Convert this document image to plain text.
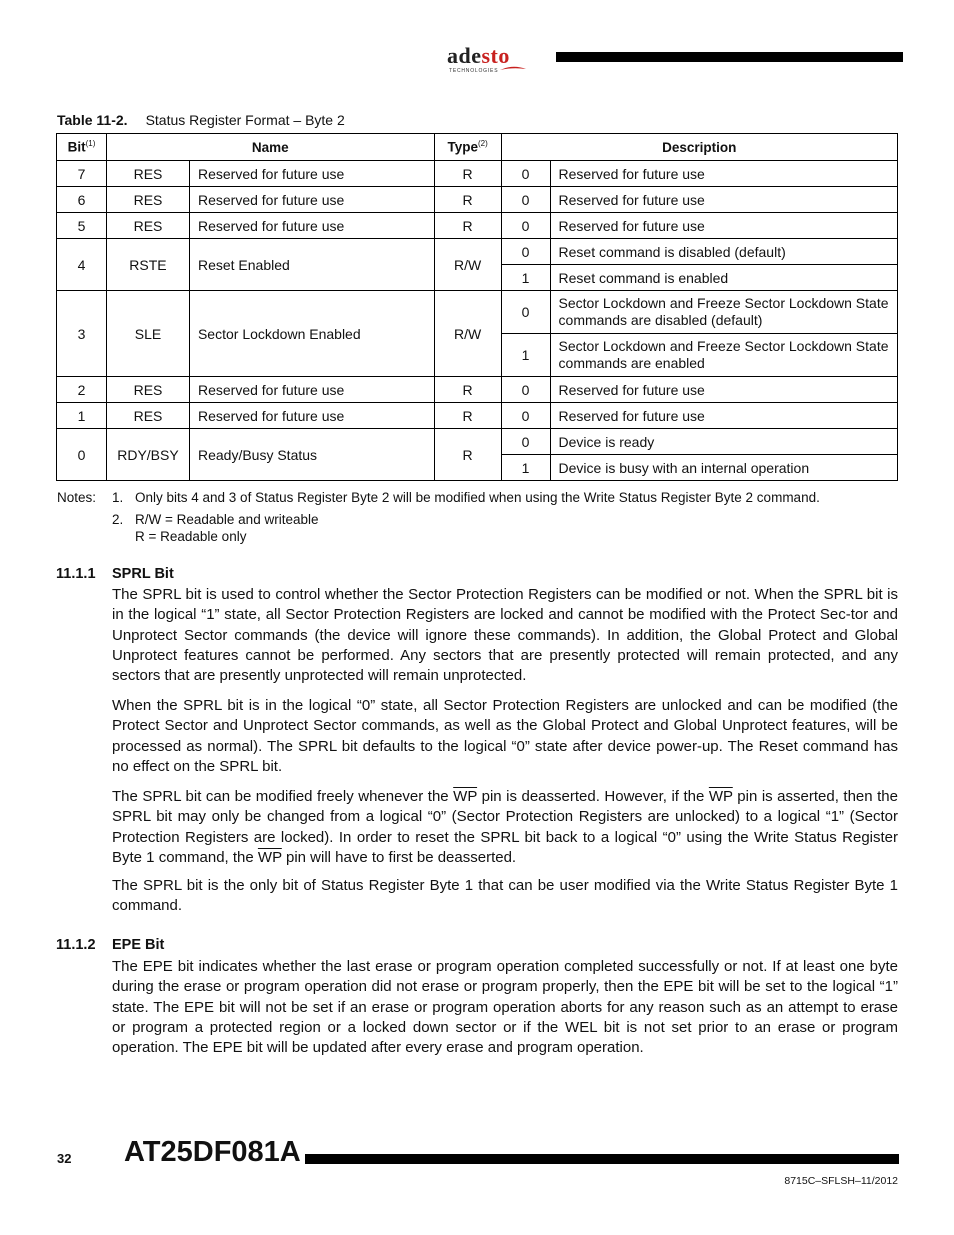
adesto
TECHNOLOGIES
Table 11-2. Status Register Format – Byte 2
Bit$^{(1)}$	Name		Type$^{(2)}$	Description	
7	RES	Reserved for future use	R	0	Reserved for future use
6	RES	Reserved for future use	R	0	Reserved for future use
5	RES	Reserved for future use	R	0	Reserved for future use
4	RSTE	Reset Enabled	R/W	0	Reset command is disabled (default)
				1	Reset command is enabled
3	SLE	Sector Lockdown Enabled	R/W	0	Sector Lockdown and Freeze Sector Lockdown State commands are disabled (default)
				1	Sector Lockdown and Freeze Sector Lockdown State commands are enabled
2	RES	Reserved for future use	R	0	Reserved for future use
1	RES	Reserved for future use	R	0	Reserved for future use
0	RDY/BSY	Ready/Busy Status	R	0	Device is ready
				1	Device is busy with an internal operation
Notes:	1. Only bits 4 and 3 of Status Register Byte 2 will be modified when using the Write Status Register Byte 2 command.
2. R/W = Readable and writeable
R = Readable only
11.1.1 SPRL Bit
The SPRL bit is used to control whether the Sector Protection Registers can be modified or not. When the SPRL bit is in the logical “1” state, all Sector Protection Registers are locked and cannot be modified with the Protect Sec-tor and Unprotect Sector commands (the device will ignore these commands). In addition, the Global Protect and Global Unprotect features cannot be performed. Any sectors that are presently protected will remain protected, and any sectors that are presently unprotected will remain unprotected.
When the SPRL bit is in the logical “0” state, all Sector Protection Registers are unlocked and can be modified (the Protect Sector and Unprotect Sector commands, as well as the Global Protect and Global Unprotect features, will be processed as normal). The SPRL bit defaults to the logical “0” state after device power-up. The Reset command has no effect on the SPRL bit.
The SPRL bit can be modified freely whenever the $\overline{WP}$ pin is deasserted. However, if the $\overline{WP}$ pin is asserted, then the SPRL bit may only be changed from a logical “0” (Sector Protection Registers are unlocked) to a logical “1” (Sector Protection Registers are locked). In order to reset the SPRL bit back to a logical “0” using the Write Status Register Byte 1 command, the $\overline{WP}$ pin will have to first be deasserted.
The SPRL bit is the only bit of Status Register Byte 1 that can be user modified via the Write Status Register Byte 1 command.
11.1.2 EPE Bit
The EPE bit indicates whether the last erase or program operation completed successfully or not. If at least one byte during the erase or program operation did not erase or program properly, then the EPE bit will be set to the logical “1” state. The EPE bit will not be set if an erase or program operation aborts for any reason such as an attempt to erase or program a protected region or a locked down sector or if the WEL bit is not set prior to an erase or program operation. The EPE bit will be updated after every erase and program operation.
32 AT25DF081A
8715C–SFLSH–11/2012
